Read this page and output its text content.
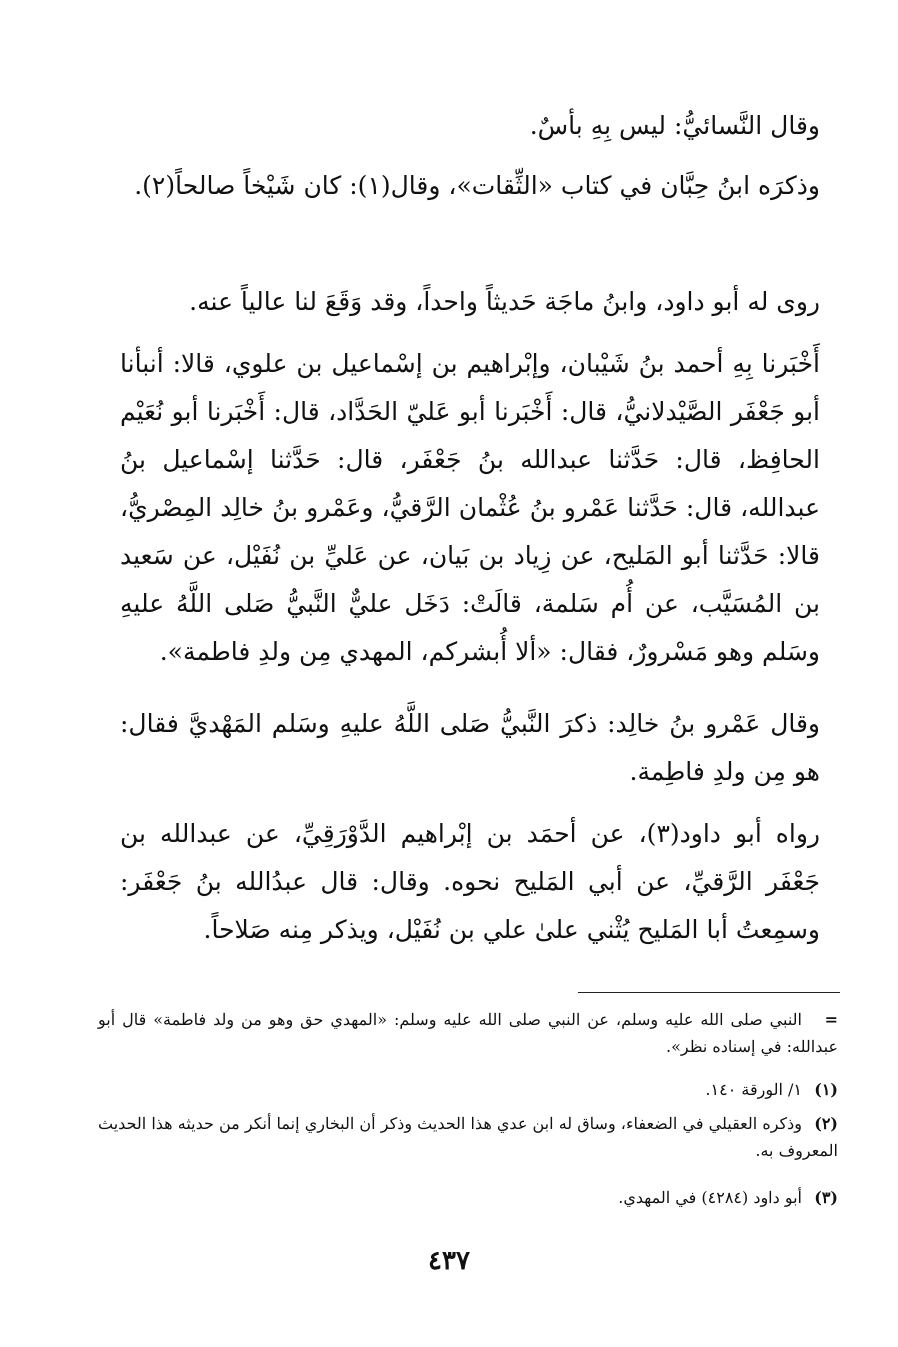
وقال النَّسائيُّ: ليس بِهِ بأسٌ.

وذكرَه ابنُ حِبَّان في كتاب «الثِّقات»، وقال(١): كان شَيْخاً صالحاً(٢).

روى له أبو داود، وابنُ ماجَة حَديثاً واحداً، وقد وَقَعَ لنا عالياً عنه.

أَخْبَرنا بِهِ أحمد بنُ شَيْبان، وإبْراهيم بن إسْماعيل بن علوي، قالا: أنبأنا أبو جَعْفَر الصَّيْدلانيُّ، قال: أَخْبَرنا أبو عَليّ الحَدَّاد، قال: أَخْبَرنا أبو نُعَيْم الحافِظ، قال: حَدَّثنا عبدالله بنُ جَعْفَر، قال: حَدَّثنا إسْماعيل بنُ عبدالله، قال: حَدَّثنا عَمْرو بنُ عُثْمان الرَّقيُّ، وعَمْرو بنُ خالِد المِصْريُّ، قالا: حَدَّثنا أبو المَليح، عن زِياد بن بَيان، عن عَليِّ بن نُفَيْل، عن سَعيد بن المُسَيَّب، عن أُم سَلمة، قالَتْ: دَخَل عليٌّ النَّبيُّ صَلى اللَّهُ عليهِ وسَلم وهو مَسْرورٌ، فقال: «ألا أُبشركم، المهدي مِن ولدِ فاطمة».

وقال عَمْرو بنُ خالِد: ذكرَ النَّبيُّ صَلى اللَّهُ عليهِ وسَلم المَهْديَّ فقال: هو مِن ولدِ فاطِمة.

رواه أبو داود(٣)، عن أحمَد بن إبْراهيم الدَّوْرَقِيِّ، عن عبدالله بن جَعْفَر الرَّقيِّ، عن أبي المَليح نحوه. وقال: قال عبدُالله بنُ جَعْفَر: وسمِعتُ أبا المَليح يُثْني علىٰ علي بن نُفَيْل، ويذكر مِنه صَلاحاً.

=النبي صلى الله عليه وسلم، عن النبي صلى الله عليه وسلم: «المهدي حق وهو من ولد فاطمة» قال أبو عبدالله: في إسناده نظر».

(١)١/ الورقة ١٤٠.

(٢)وذكره العقيلي في الضعفاء، وساق له ابن عدي هذا الحديث وذكر أن البخاري إنما أنكر من حديثه هذا الحديث المعروف به.

(٣)أبو داود (٤٢٨٤) في المهدي.

٤٣٧
